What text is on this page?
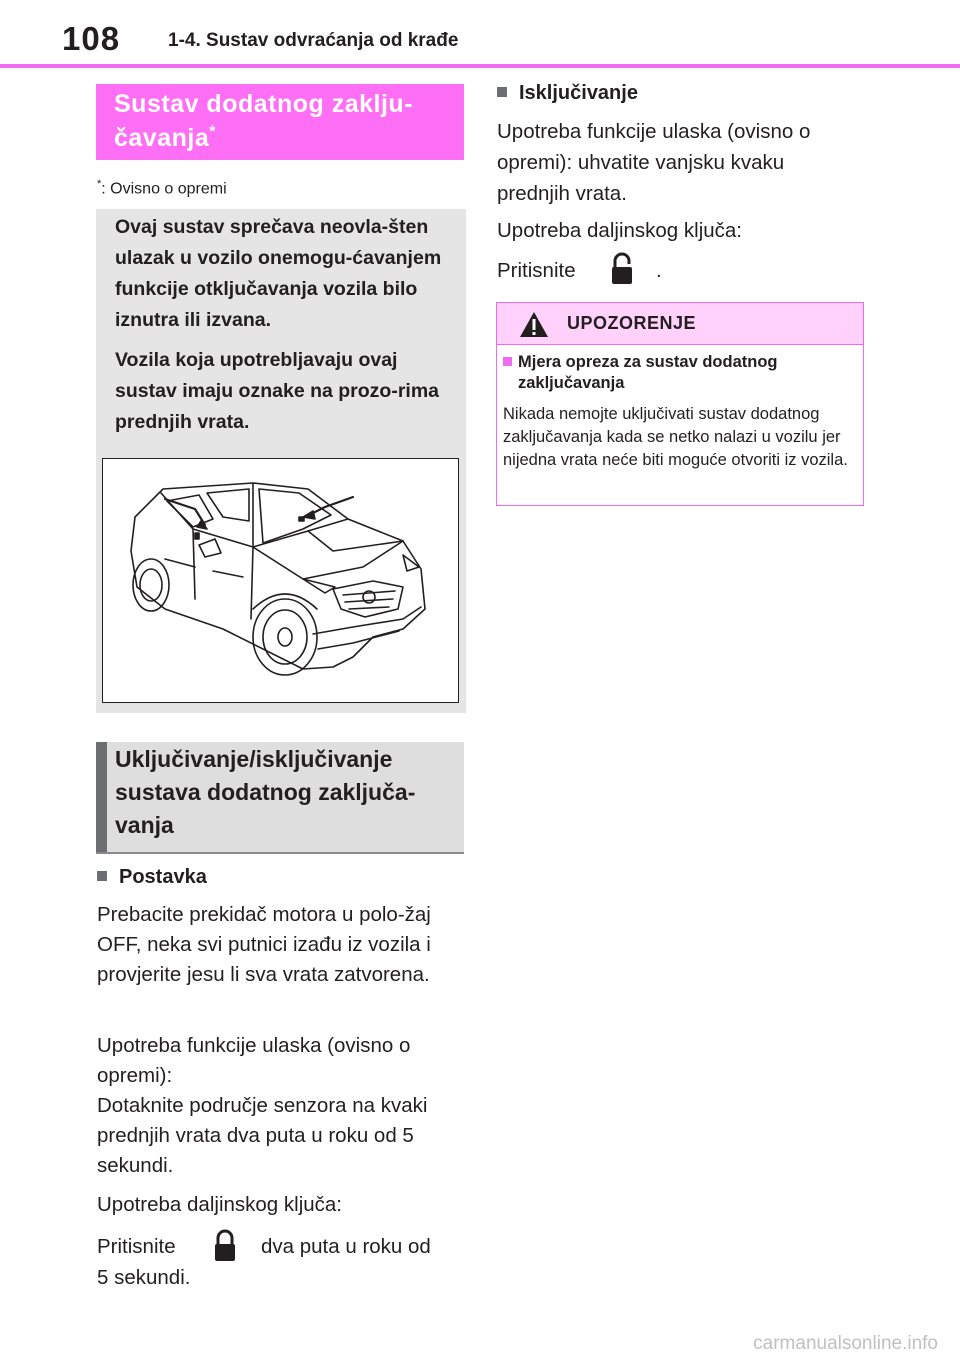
108	1-4. Sustav odvraćanja od krađe
Sustav dodatnog zaklju-čavanja*
*: Ovisno o opremi
Ovaj sustav sprečava neovla-šten ulazak u vozilo onemogu-ćavanjem funkcije otključavanja vozila bilo iznutra ili izvana.
Vozila koja upotrebljavaju ovaj sustav imaju oznake na prozo-rima prednjih vrata.
Uključivanje/isključivanje sustava dodatnog zaključa-vanja
Postavka
Prebacite prekidač motora u polo-žaj OFF, neka svi putnici izađu iz vozila i provjerite jesu li sva vrata zatvorena.
Upotreba funkcije ulaska (ovisno o opremi):
Dotaknite područje senzora na kvaki prednjih vrata dva puta u roku od 5 sekundi.
Upotreba daljinskog ključa:
Pritisnite	dva puta u roku od
5 sekundi.
Isključivanje
Upotreba funkcije ulaska (ovisno o opremi): uhvatite vanjsku kvaku prednjih vrata.
Upotreba daljinskog ključa:
Pritisnite	.
UPOZORENJE
Mjera opreza za sustav dodatnog zaključavanja
Nikada nemojte uključivati sustav dodatnog zaključavanja kada se netko nalazi u vozilu jer nijedna vrata neće biti moguće otvoriti iz vozila.
carmanualsonline.info
